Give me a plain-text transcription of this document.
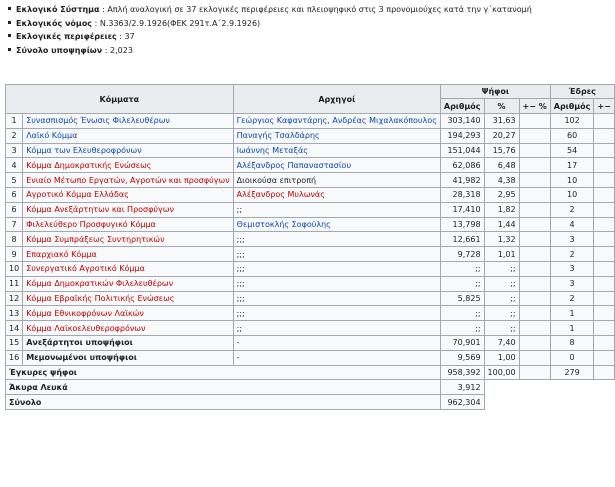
Εκλογικό Σύστημα : Απλή αναλογική σε 37 εκλογικές περιφέρειες και πλειοψηφικό στις 3 προνομιούχες κατά την γ΄κατανομή
Εκλογικός νόμος : Ν.3363/2.9.1926(ΦΕΚ 291τ.Α΄2.9.1926)
Εκλογικές περιφέρειες : 37
Σύνολο υποψηφίων : 2,023
Κόμματα		Αρχηγοί	Ψήφοι			Έδρες	
			Αριθμός	%	+− %	Αριθμός	+−
1	Συνασπισμός Ένωσις Φιλελευθέρων	Γεώργιος Καφαντάρης, Ανδρέας Μιχαλακόπουλος	303,140	31,63		102	
2	Λαϊκό Κόμμα	Παναγής Τσαλδάρης	194,293	20,27		60	
3	Κόμμα των Ελευθεροφρόνων	Ιωάννης Μεταξάς	151,044	15,76		54	
4	Κόμμα Δημοκρατικής Ενώσεως	Αλέξανδρος Παπαναστασίου	62,086	6,48		17	
5	Ενιαίο Μέτωπο Εργατών, Αγροτών και προσφύγων	Διοικούσα επιτροπή	41,982	4,38		10	
6	Αγροτικό Κόμμα Ελλάδας	Αλέξανδρος Μυλωνάς	28,318	2,95		10	
6	Κόμμα Ανεξάρτητων και Προσφύγων	;;	17,410	1,82		2	
7	Φιλελεύθερο Προσφυγικό Κόμμα	Θεμιστοκλής Σοφούλης	13,798	1,44		4	
8	Κόμμα Συμπράξεως Συντηρητικών	;;;	12,661	1,32		3	
9	Επαρχιακό Κόμμα	;;;	9,728	1,01		2	
10	Συνεργατικό Αγροτικό Κόμμα	;;;	;;	;;		3	
11	Κόμμα Δημοκρατικών Φιλελευθέρων	;;;	;;	;;		3	
12	Κόμμα Εβραϊκής Πολιτικής Ενώσεως	;;;	5,825	;;		2	
13	Κόμμα Εθνικοφρόνων Λαϊκών	;;;	;;	;;		1	
14	Κόμμα Λαϊκοελευθεροφρόνων	;;	;;	;;		1	
15	Ανεξάρτητοι υποψήφιοι	-	70,901	7,40		8	
16	Μεμονωμένοι υποψήφιοι	-	9,569	1,00		0	
Έγκυρες ψήφοι			958,392	100,00		279	
Άκυρα Λευκά			3,912				
Σύνολο			962,304				
